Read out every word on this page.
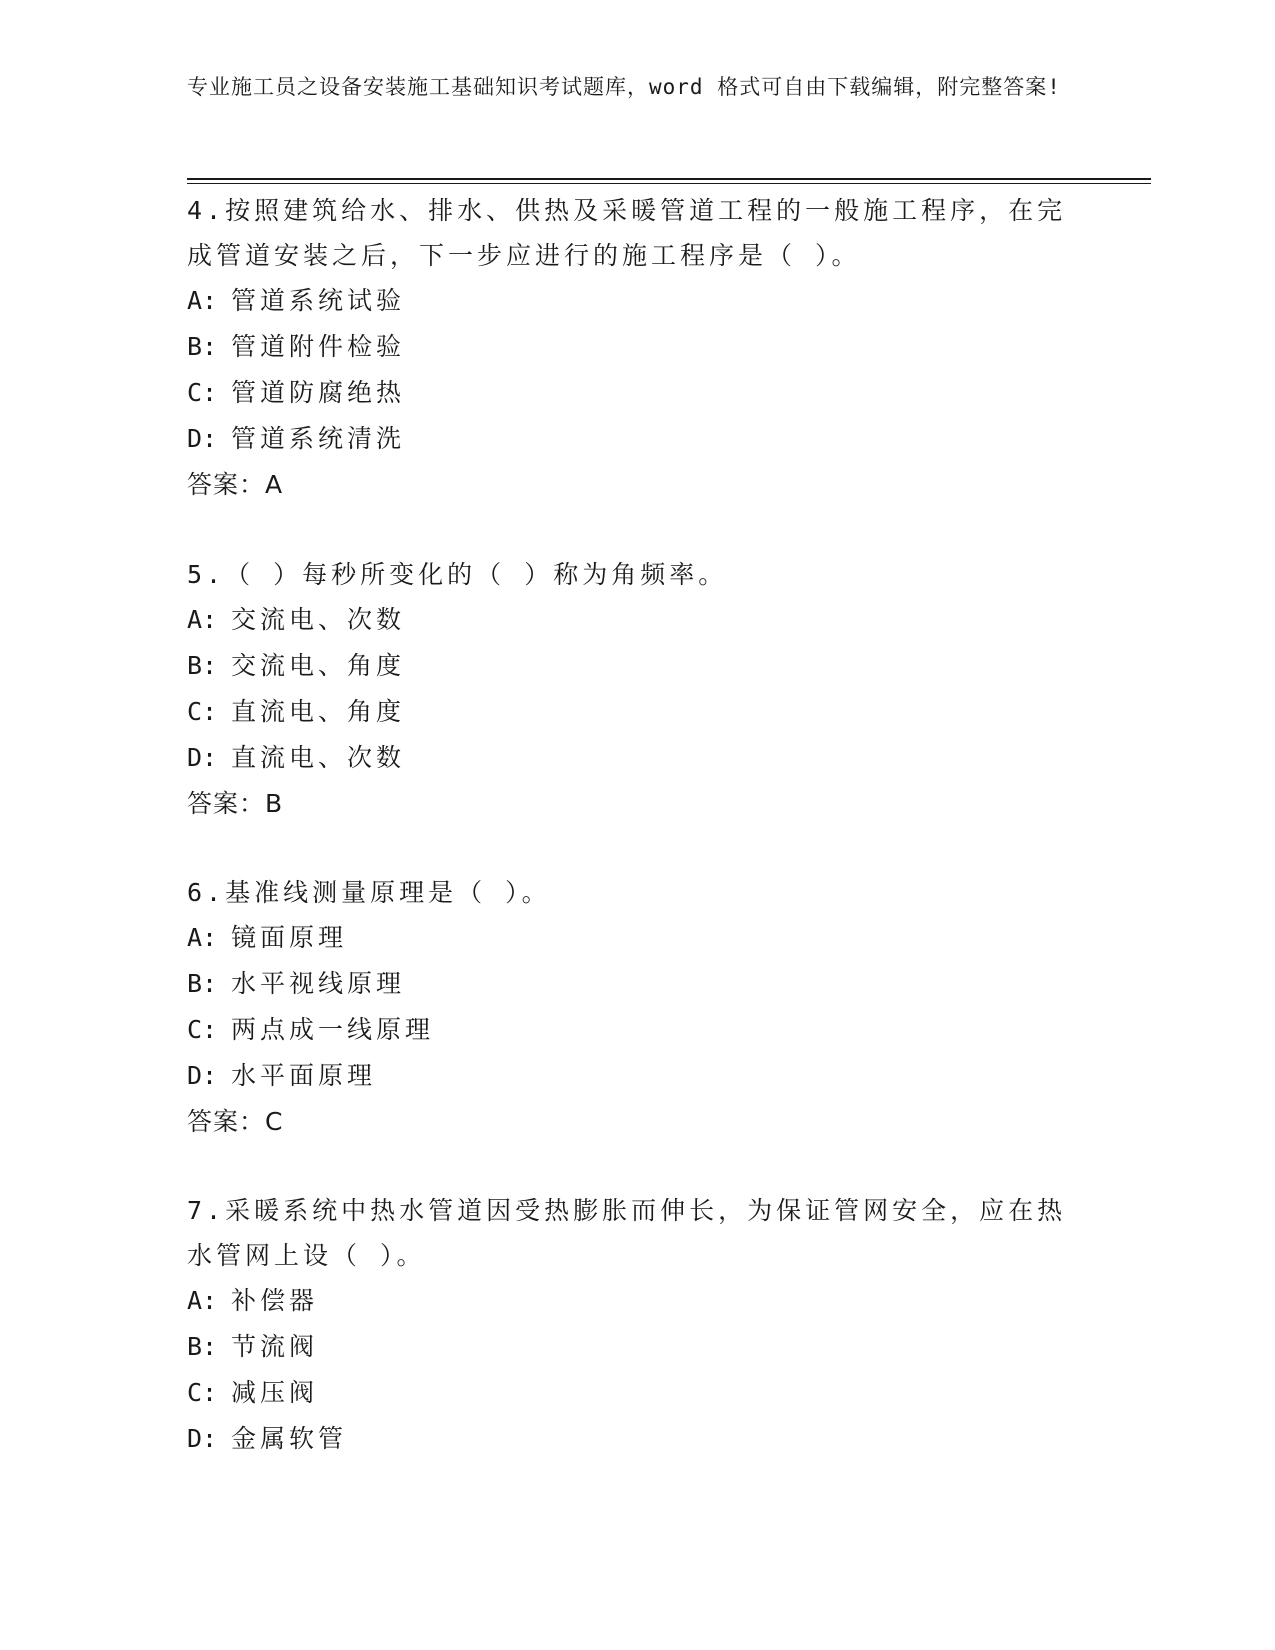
专业施工员之设备安装施工基础知识考试题库，word 格式可自由下载编辑，附完整答案!
4.按照建筑给水、排水、供热及采暖管道工程的一般施工程序，在完成管道安装之后，下一步应进行的施工程序是（ ）。
A: 管道系统试验
B: 管道附件检验
C: 管道防腐绝热
D: 管道系统清洗
答案：A
5.（ ）每秒所变化的（ ）称为角频率。
A: 交流电、次数
B: 交流电、角度
C: 直流电、角度
D: 直流电、次数
答案：B
6.基准线测量原理是（ ）。
A: 镜面原理
B: 水平视线原理
C: 两点成一线原理
D: 水平面原理
答案：C
7.采暖系统中热水管道因受热膨胀而伸长，为保证管网安全，应在热水管网上设（ ）。
A: 补偿器
B: 节流阀
C: 减压阀
D: 金属软管
